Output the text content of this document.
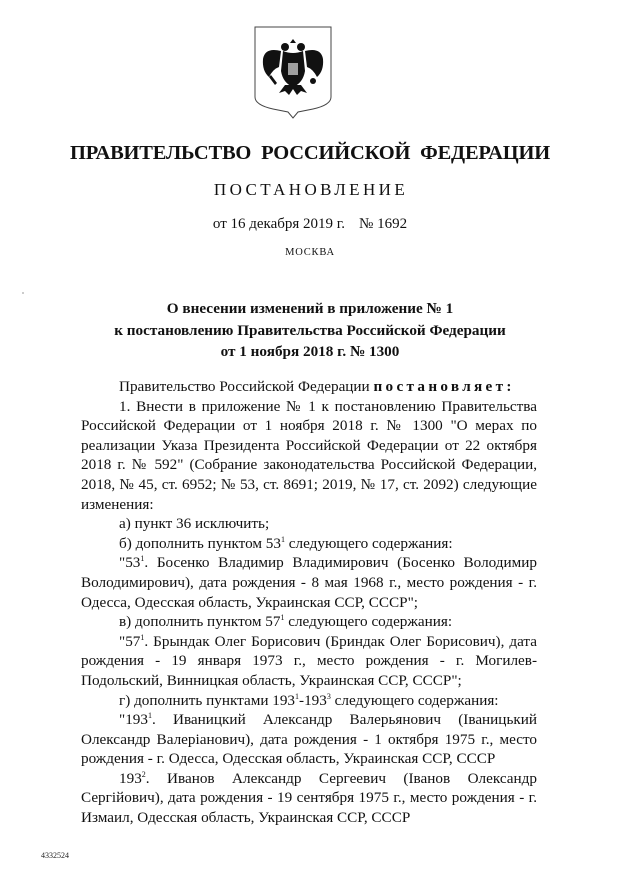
ПРАВИТЕЛЬСТВО РОССИЙСКОЙ ФЕДЕРАЦИИ
ПОСТАНОВЛЕНИЕ
от 16 декабря 2019 г. № 1692
МОСКВА
О внесении изменений в приложение № 1
к постановлению Правительства Российской Федерации
от 1 ноября 2018 г. № 1300

Правительство Российской Федерации постановляет:

1. Внести в приложение № 1 к постановлению Правительства Российской Федерации от 1 ноября 2018 г. № 1300 "О мерах по реализации Указа Президента Российской Федерации от 22 октября 2018 г. № 592" (Собрание законодательства Российской Федерации, 2018, № 45, ст. 6952; № 53, ст. 8691; 2019, № 17, ст. 2092) следующие изменения:

а) пункт 36 исключить;

б) дополнить пунктом $53^1$ следующего содержания:

"$53^1$. Босенко Владимир Владимирович (Босенко Володимир Володимирович), дата рождения - 8 мая 1968 г., место рождения - г. Одесса, Одесская область, Украинская ССР, СССР";

в) дополнить пунктом $57^1$ следующего содержания:

"$57^1$. Брындак Олег Борисович (Бриндак Олег Борисович), дата рождения - 19 января 1973 г., место рождения - г. Могилев-Подольский, Винницкая область, Украинская ССР, СССР";

г) дополнить пунктами $193^1-193^3$ следующего содержания:

"$193^1$. Иваницкий Александр Валерьянович (Іваницький Олександр Валеріанович), дата рождения - 1 октября 1975 г., место рождения - г. Одесса, Одесская область, Украинская ССР, СССР

$193^2$. Иванов Александр Сергеевич (Іванов Олександр Сергійович), дата рождения - 19 сентября 1975 г., место рождения - г. Измаил, Одесская область, Украинская ССР, СССР

4332524
